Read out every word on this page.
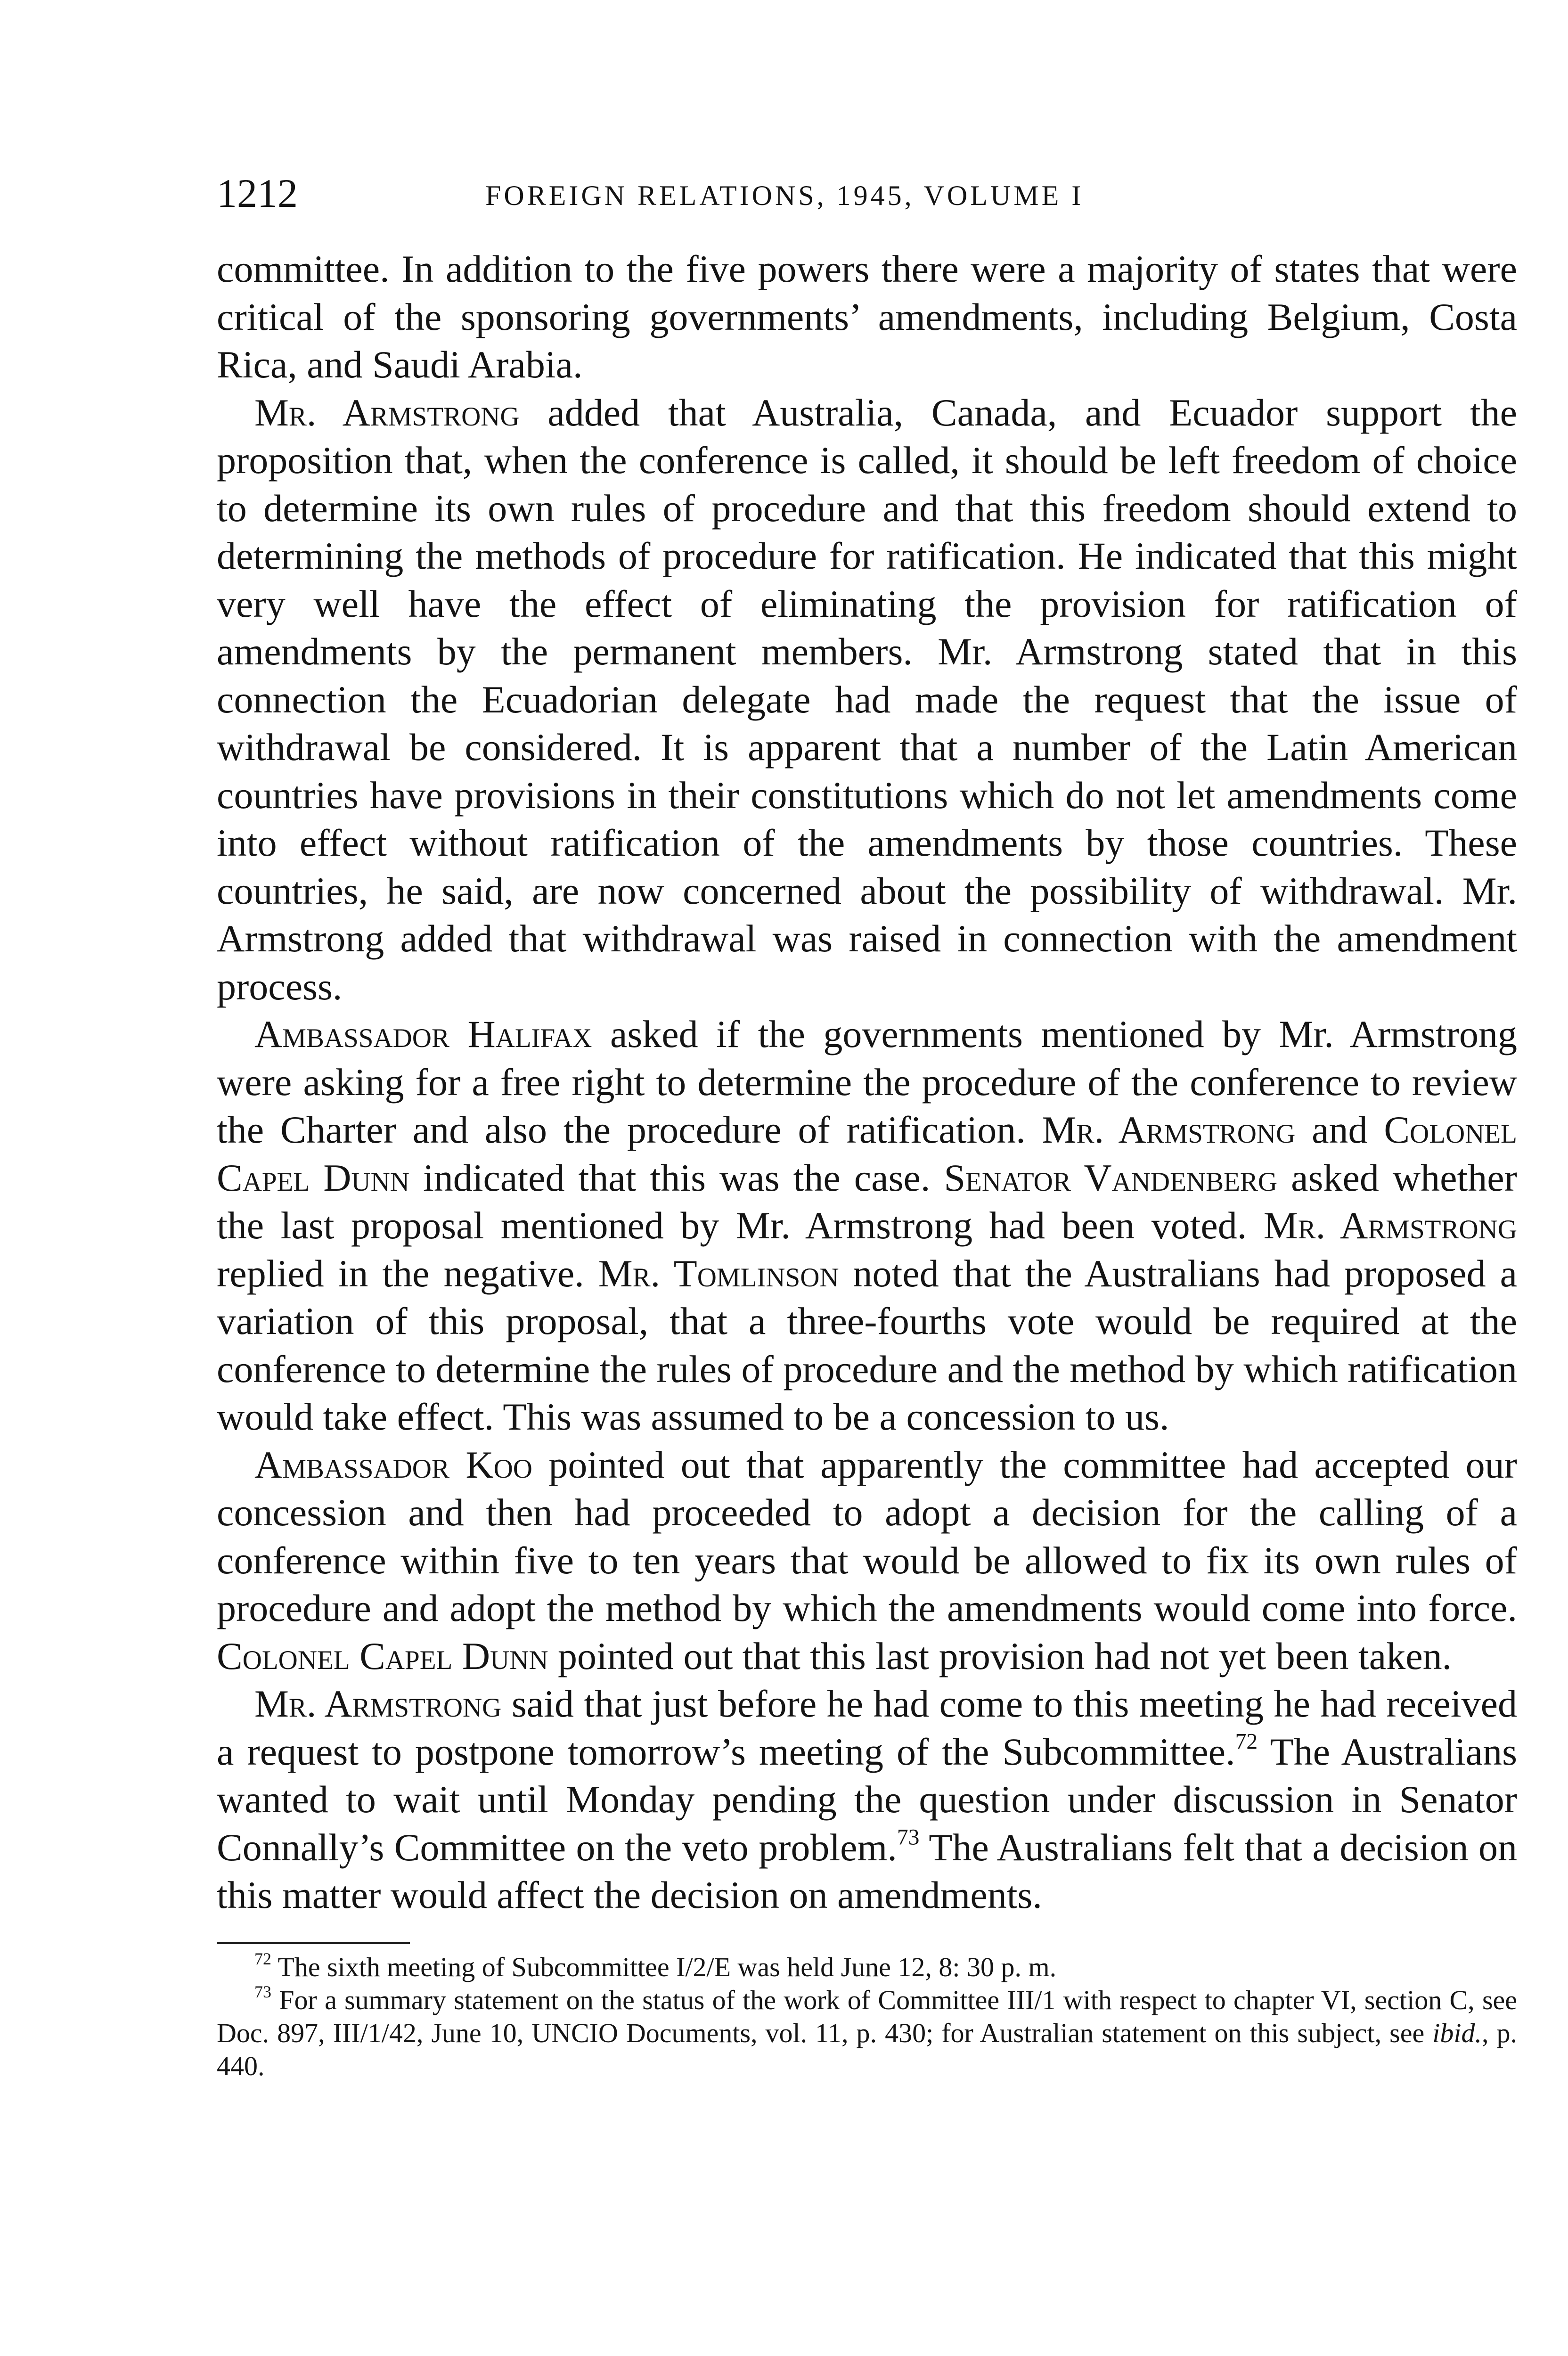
1212	FOREIGN RELATIONS, 1945, VOLUME I

committee. In addition to the five powers there were a majority of states that were critical of the sponsoring governments’ amendments, including Belgium, Costa Rica, and Saudi Arabia.

Mr. Armstrong added that Australia, Canada, and Ecuador support the proposition that, when the conference is called, it should be left freedom of choice to determine its own rules of procedure and that this freedom should extend to determining the methods of procedure for ratification. He indicated that this might very well have the effect of eliminating the provision for ratification of amendments by the permanent members. Mr. Armstrong stated that in this connection the Ecuadorian delegate had made the request that the issue of withdrawal be considered. It is apparent that a number of the Latin American countries have provisions in their constitutions which do not let amendments come into effect without ratification of the amendments by those countries. These countries, he said, are now concerned about the possibility of withdrawal. Mr. Armstrong added that withdrawal was raised in connection with the amendment process.

Ambassador Halifax asked if the governments mentioned by Mr. Armstrong were asking for a free right to determine the procedure of the conference to review the Charter and also the procedure of ratification. Mr. Armstrong and Colonel Capel Dunn indicated that this was the case. Senator Vandenberg asked whether the last proposal mentioned by Mr. Armstrong had been voted. Mr. Armstrong replied in the negative. Mr. Tomlinson noted that the Australians had proposed a variation of this proposal, that a three-fourths vote would be required at the conference to determine the rules of procedure and the method by which ratification would take effect. This was assumed to be a concession to us.

Ambassador Koo pointed out that apparently the committee had accepted our concession and then had proceeded to adopt a decision for the calling of a conference within five to ten years that would be allowed to fix its own rules of procedure and adopt the method by which the amendments would come into force. Colonel Capel Dunn pointed out that this last provision had not yet been taken.

Mr. Armstrong said that just before he had come to this meeting he had received a request to postpone tomorrow’s meeting of the Subcommittee.$^{72}$ The Australians wanted to wait until Monday pending the question under discussion in Senator Connally’s Committee on the veto problem.$^{73}$ The Australians felt that a decision on this matter would affect the decision on amendments.

$^{72}$ The sixth meeting of Subcommittee I/2/E was held June 12, 8: 30 p. m.

$^{73}$ For a summary statement on the status of the work of Committee III/1 with respect to chapter VI, section C, see Doc. 897, III/1/42, June 10, UNCIO Documents, vol. 11, p. 430; for Australian statement on this subject, see ibid., p. 440.
